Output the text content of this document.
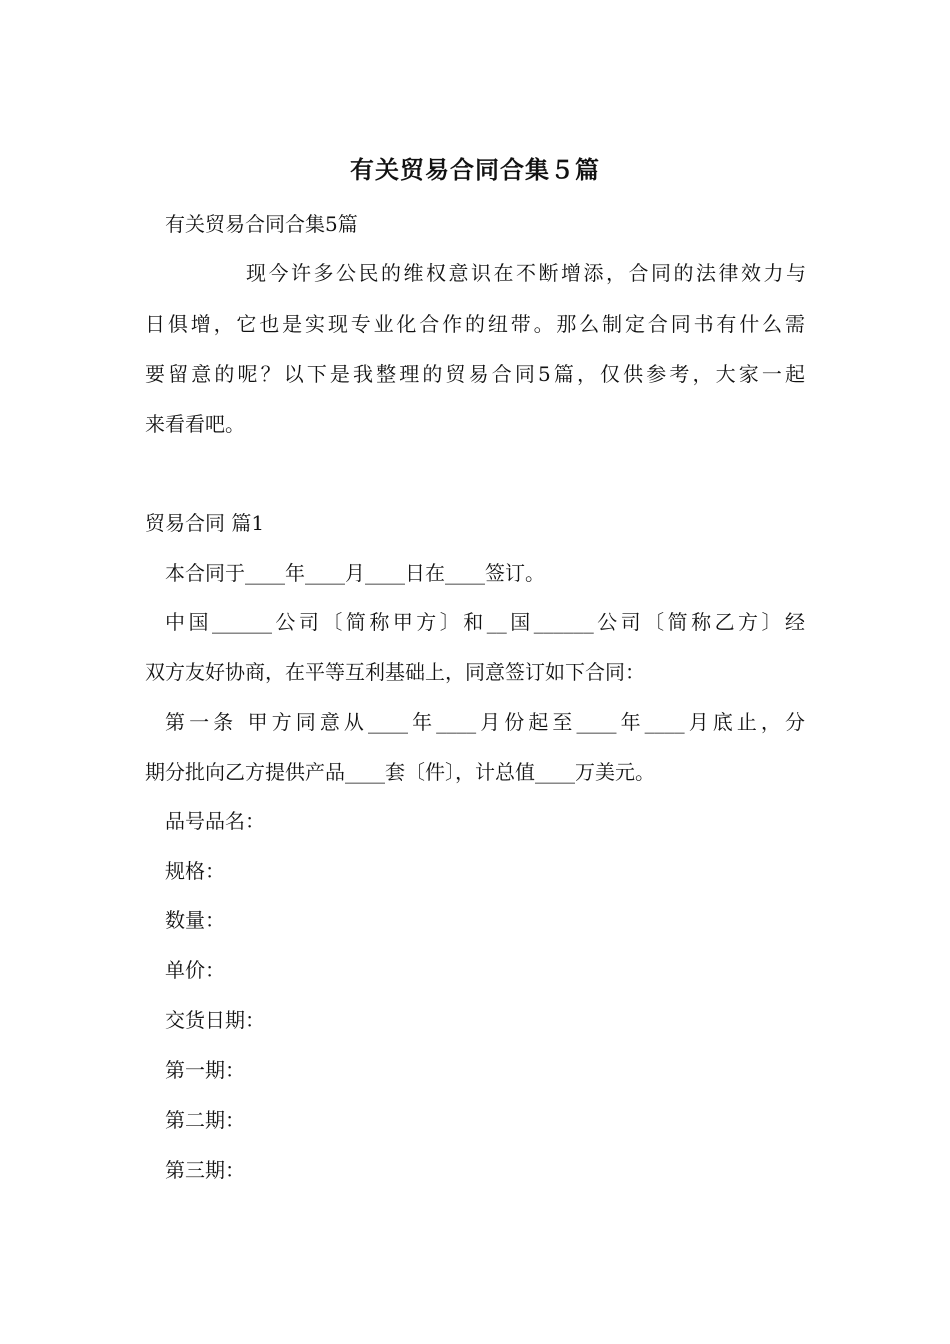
有关贸易合同合集５篇
有关贸易合同合集5篇
现今许多公民的维权意识在不断增添，合同的法律效力与
日俱增，它也是实现专业化合作的纽带。那么制定合同书有什么需
要留意的呢？以下是我整理的贸易合同5篇，仅供参考，大家一起
来看看吧。
贸易合同 篇1
本合同于____年____月____日在____签订。
中国______公司〔简称甲方〕和__国______公司〔简称乙方〕经
双方友好协商，在平等互利基础上，同意签订如下合同：
第一条 甲方同意从____年____月份起至____年____月底止，分
期分批向乙方提供产品____套〔件〕，计总值____万美元。
品号品名：
规格：
数量：
单价：
交货日期：
第一期：
第二期：
第三期：
